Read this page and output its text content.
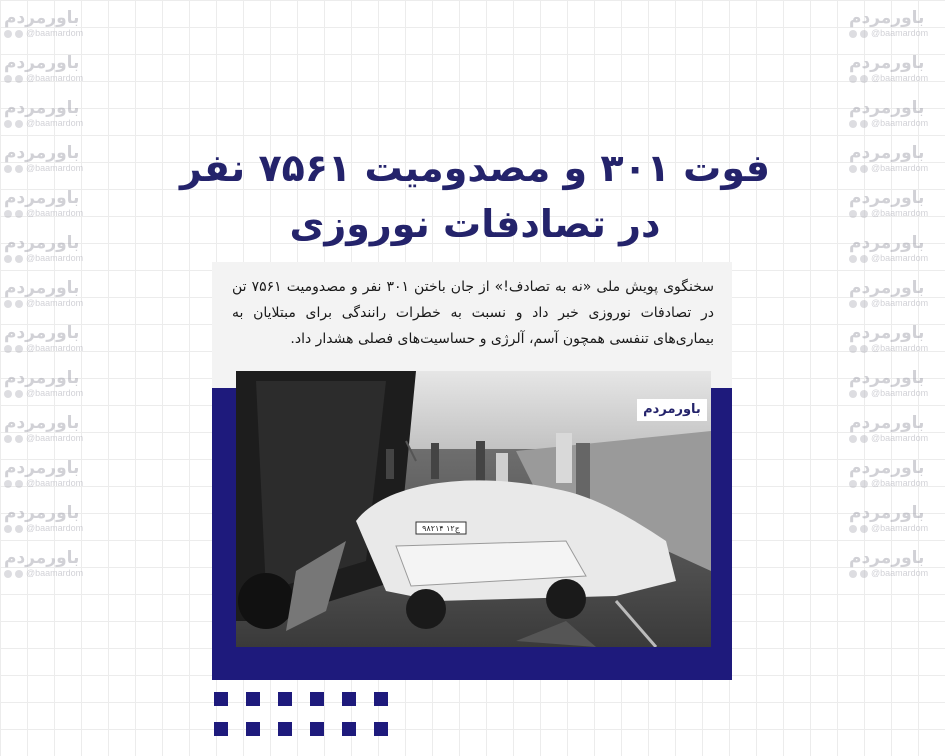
باورمردم
@baamardom
باورمردم
@baamardom
باورمردم
@baamardom
باورمردم
@baamardom
باورمردم
@baamardom
باورمردم
@baamardom
باورمردم
@baamardom
باورمردم
@baamardom
باورمردم
@baamardom
باورمردم
@baamardom
باورمردم
@baamardom
باورمردم
@baamardom
باورمردم
@baamardom
باورمردم
@baamardom
باورمردم
@baamardom
باورمردم
@baamardom
باورمردم
@baamardom
باورمردم
@baamardom
باورمردم
@baamardom
باورمردم
@baamardom
باورمردم
@baamardom
باورمردم
@baamardom
باورمردم
@baamardom
باورمردم
@baamardom
باورمردم
@baamardom
باورمردم
@baamardom
فوت ۳۰۱ و مصدومیت ۷۵۶۱ نفر
در تصادفات نوروزی

سخنگوی پویش ملی «نه به تصادف!» از جان باختن ۳۰۱ نفر و مصدومیت ۷۵۶۱ تن در تصادفات نوروزی خبر داد و نسبت به خطرات رانندگی برای مبتلایان به بیماری‌های تنفسی همچون آسم، آلرژی و حساسیت‌های فصلی هشدار داد.

۹۸۲ج۱۲ ۱۴
باورمردم
